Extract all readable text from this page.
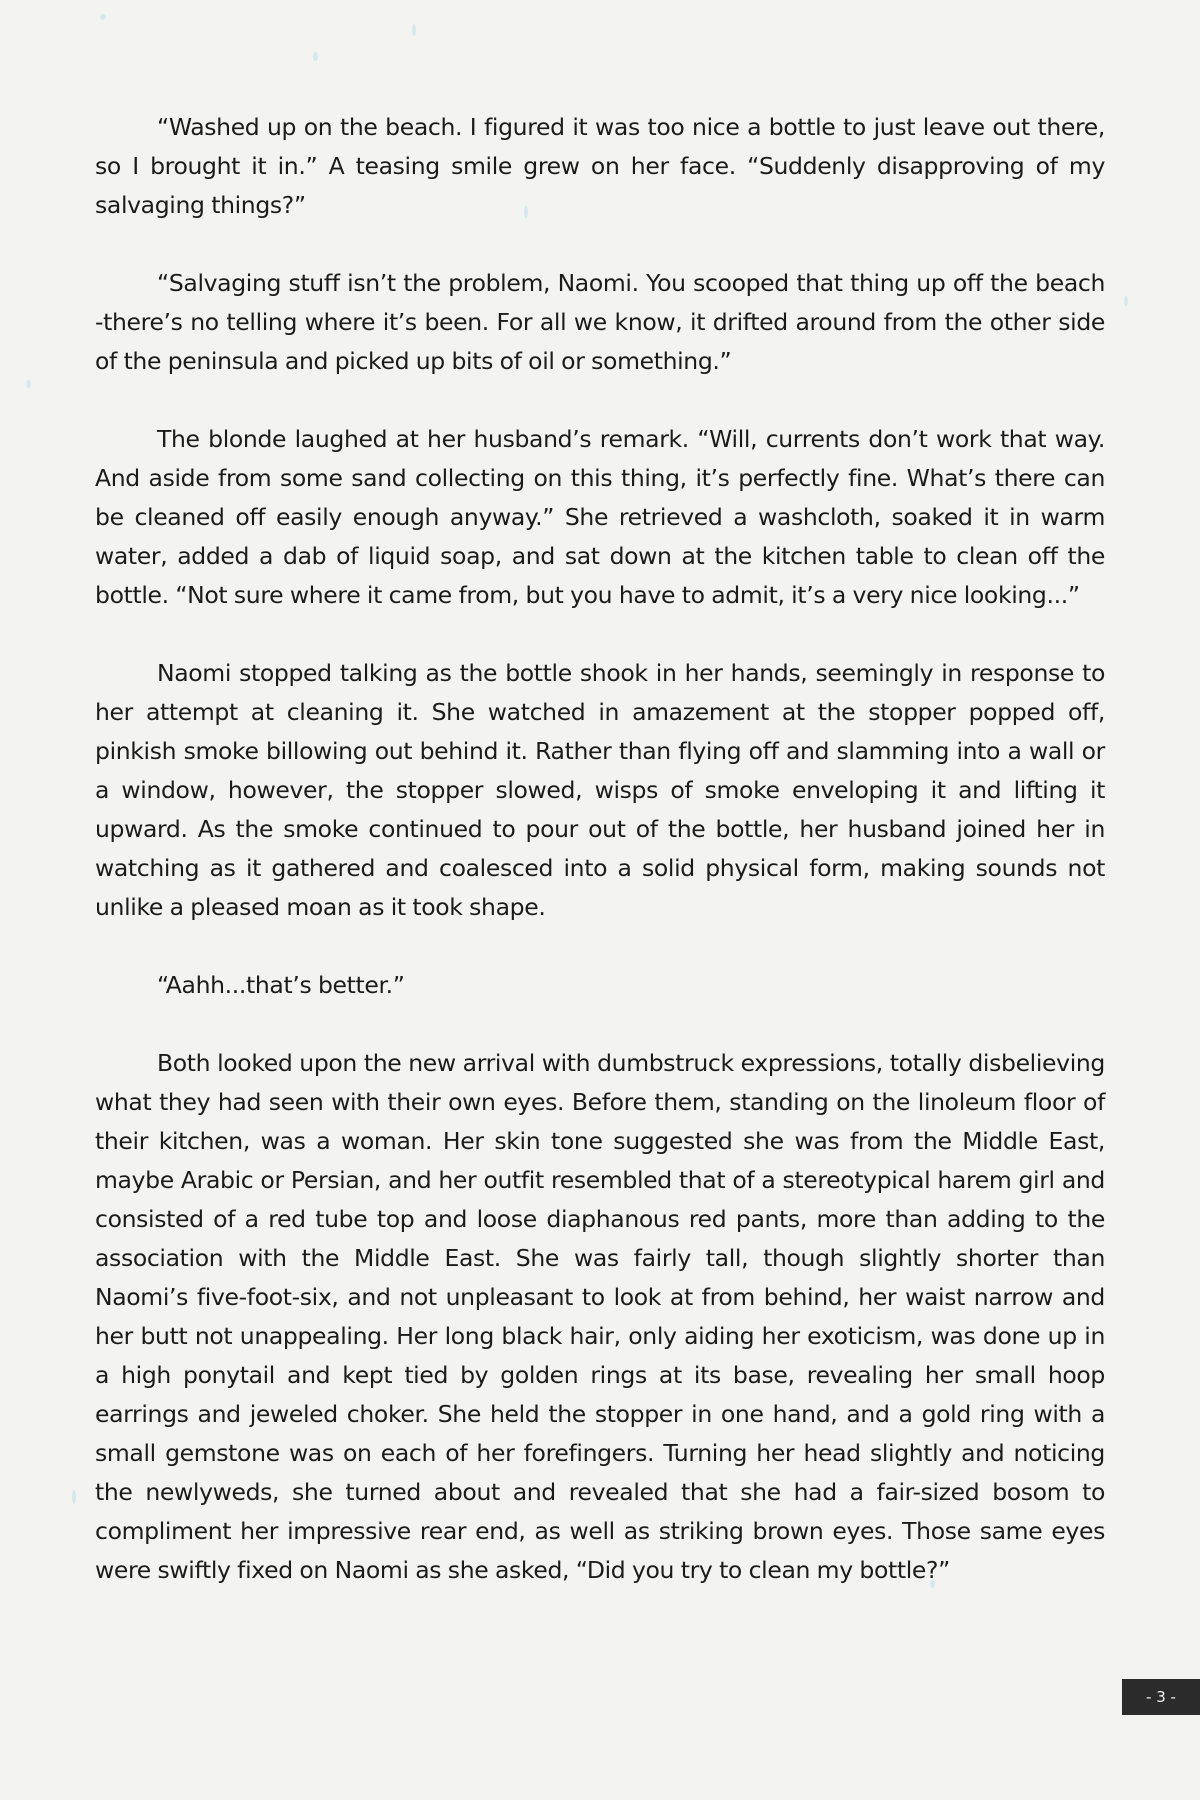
“Washed up on the beach. I figured it was too nice a bottle to just leave out there, so I brought it in.” A teasing smile grew on her face. “Suddenly disapproving of my salvaging things?”

“Salvaging stuff isn’t the problem, Naomi. You scooped that thing up off the beach -there’s no telling where it’s been. For all we know, it drifted around from the other side of the peninsula and picked up bits of oil or something.”

The blonde laughed at her husband’s remark. “Will, currents don’t work that way. And aside from some sand collecting on this thing, it’s perfectly fine. What’s there can be cleaned off easily enough anyway.” She retrieved a washcloth, soaked it in warm water, added a dab of liquid soap, and sat down at the kitchen table to clean off the bottle. “Not sure where it came from, but you have to admit, it’s a very nice looking...”

Naomi stopped talking as the bottle shook in her hands, seemingly in response to her attempt at cleaning it. She watched in amazement at the stopper popped off, pinkish smoke billowing out behind it. Rather than flying off and slamming into a wall or a window, however, the stopper slowed, wisps of smoke enveloping it and lifting it upward. As the smoke continued to pour out of the bottle, her husband joined her in watching as it gathered and coalesced into a solid physical form, making sounds not unlike a pleased moan as it took shape.

“Aahh...that’s better.”

Both looked upon the new arrival with dumbstruck expressions, totally disbelieving what they had seen with their own eyes. Before them, standing on the linoleum floor of their kitchen, was a woman. Her skin tone suggested she was from the Middle East, maybe Arabic or Persian, and her outfit resembled that of a stereotypical harem girl and consisted of a red tube top and loose diaphanous red pants, more than adding to the association with the Middle East. She was fairly tall, though slightly shorter than Naomi’s five-foot-six, and not unpleasant to look at from behind, her waist narrow and her butt not unappealing. Her long black hair, only aiding her exoticism, was done up in a high ponytail and kept tied by golden rings at its base, revealing her small hoop earrings and jeweled choker. She held the stopper in one hand, and a gold ring with a small gemstone was on each of her forefingers. Turning her head slightly and noticing the newlyweds, she turned about and revealed that she had a fair-sized bosom to compliment her impressive rear end, as well as striking brown eyes. Those same eyes were swiftly fixed on Naomi as she asked, “Did you try to clean my bottle?”

- 3 -
